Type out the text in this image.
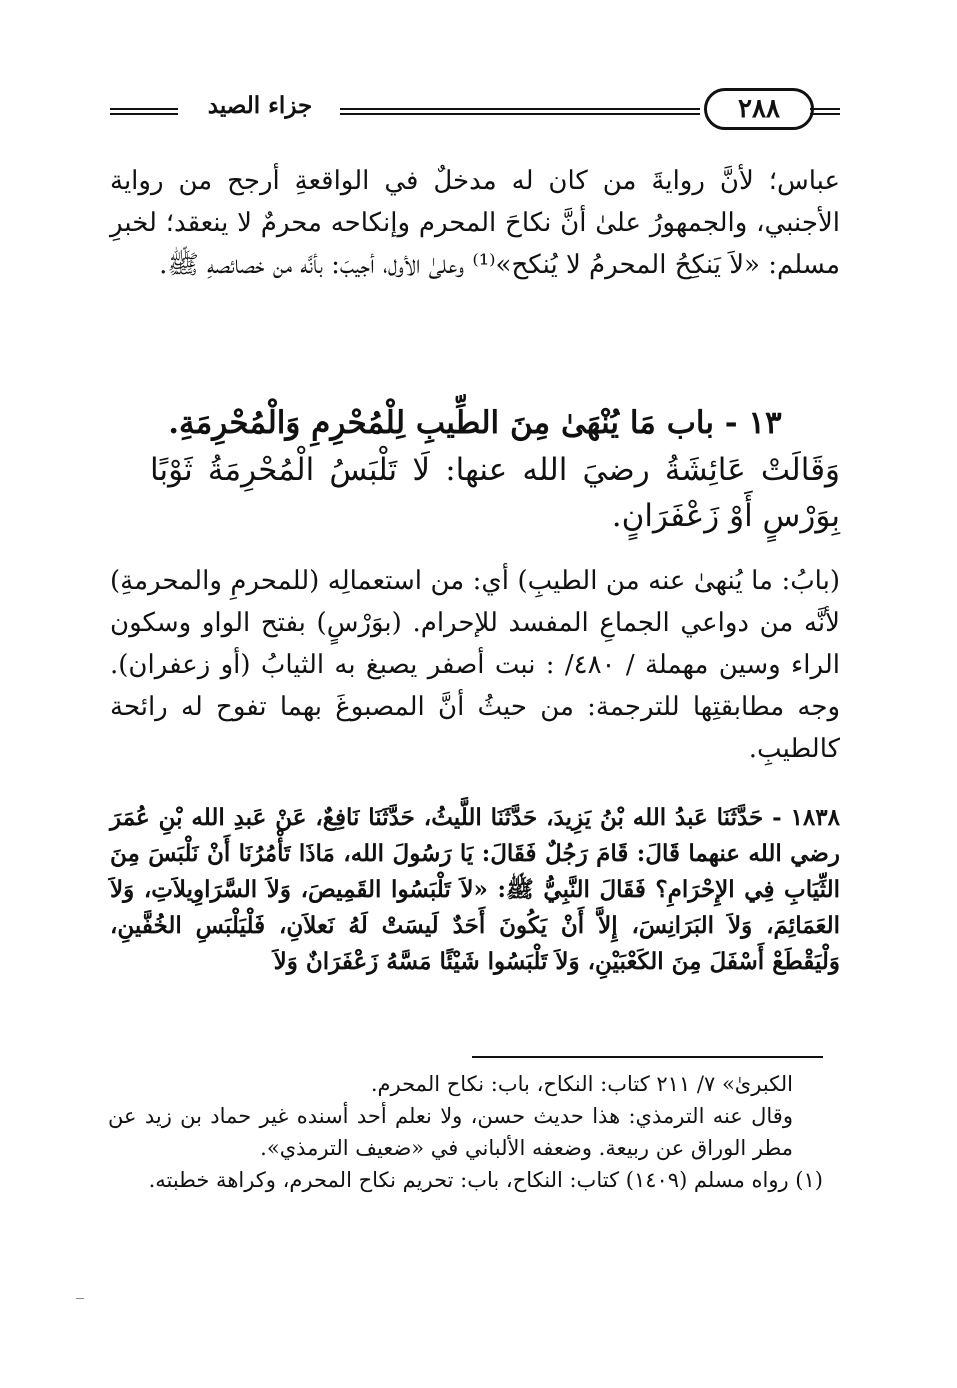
جزاء الصيد	٢٨٨
عباس؛ لأنَّ روايةَ من كان له مدخلٌ في الواقعةِ أرجح من رواية الأجنبي، والجمهورُ علىٰ أنَّ نكاحَ المحرم وإنكاحه محرمٌ لا ينعقد؛ لخبرِ مسلم: «لاَ يَنكِحُ المحرمُ لا يُنكح»⁽¹⁾ وعلىٰ الأول، أجيبَ: بأنَّه من خصائصهِ ﷺ.
١٣ - باب مَا يُنْهَىٰ مِنَ الطِّيبِ لِلْمُحْرِمِ وَالْمُحْرِمَةِ.
وَقَالَتْ عَائِشَةُ رضيَ الله عنها: لَا تَلْبَسُ الْمُحْرِمَةُ ثَوْبًا بِوَرْسٍ أَوْ زَعْفَرَانٍ.
(بابُ: ما يُنهىٰ عنه من الطيبِ) أي: من استعمالِه (للمحرمِ والمحرمةِ) لأنَّه من دواعي الجماعِ المفسد للإحرام. (بوَرْسٍ) بفتح الواو وسكون الراء وسين مهملة / ٤٨٠/ : نبت أصفر يصبغ به الثيابُ (أو زعفران). وجه مطابقتِها للترجمة: من حيثُ أنَّ المصبوغَ بهما تفوح له رائحة كالطيبِ.
١٨٣٨ - حَدَّثَنَا عَبدُ الله بْنُ يَزِيدَ، حَدَّثَنَا اللَّيثُ، حَدَّثَنَا نَافِعٌ، عَنْ عَبدِ الله بْنِ عُمَرَ رضي الله عنهما قَالَ: قَامَ رَجُلٌ فَقَالَ: يَا رَسُولَ الله، مَاذَا تَأْمُرُنَا أَنْ نَلْبَسَ مِنَ الثِّيَابِ فِي الإِحْرَامِ؟ فَقَالَ النَّبِيُّ ﷺ: «لاَ تَلْبَسُوا القَمِيصَ، وَلاَ السَّرَاوِيلاَتِ، وَلاَ العَمَائِمَ، وَلاَ البَرَانِسَ، إِلاَّ أَنْ يَكُونَ أَحَدٌ لَيسَتْ لَهُ نَعلاَنِ، فَلْيَلْبَسِ الخُفَّينِ، وَلْيَقْطَعْ أَسْفَلَ مِنَ الكَعْبَيْنِ، وَلاَ تَلْبَسُوا شَيْئًا مَسَّهُ زَعْفَرَانٌ وَلاَ

الكبرىٰ» ٧/ ٢١١ كتاب: النكاح، باب: نكاح المحرم.

وقال عنه الترمذي: هذا حديث حسن، ولا نعلم أحد أسنده غير حماد بن زيد عن مطر الوراق عن ربيعة. وضعفه الألباني في «ضعيف الترمذي».

(١) رواه مسلم (١٤٠٩) كتاب: النكاح، باب: تحريم نكاح المحرم، وكراهة خطبته.
